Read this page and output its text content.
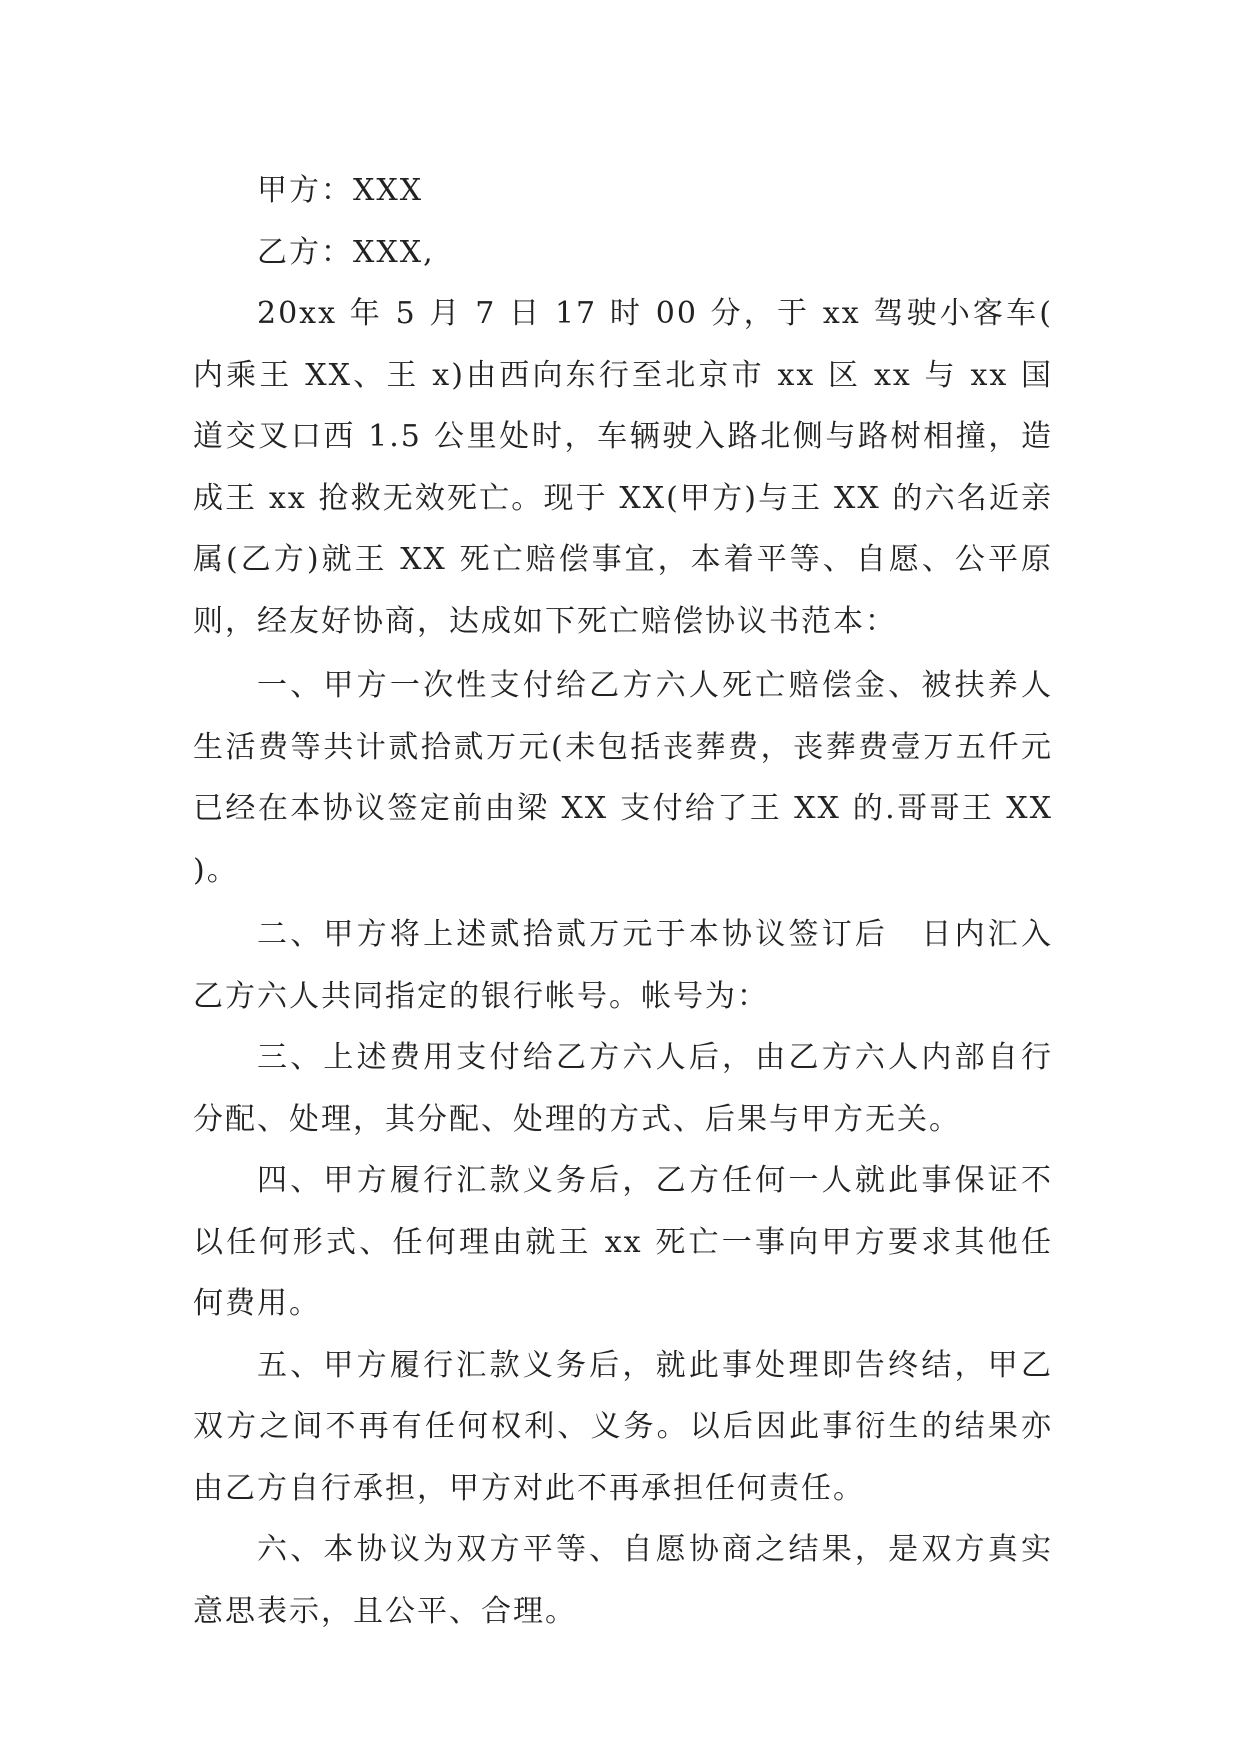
甲方：XXX

乙方：XXX,

20xx 年 5 月 7 日 17 时 00 分，于 xx 驾驶小客车(内乘王 XX、王 x)由西向东行至北京市 xx 区 xx 与 xx 国道交叉口西 1.5 公里处时，车辆驶入路北侧与路树相撞，造成王 xx 抢救无效死亡。现于 XX(甲方)与王 XX 的六名近亲属(乙方)就王 XX 死亡赔偿事宜，本着平等、自愿、公平原则，经友好协商，达成如下死亡赔偿协议书范本：

一、甲方一次性支付给乙方六人死亡赔偿金、被扶养人生活费等共计贰拾贰万元(未包括丧葬费，丧葬费壹万五仟元已经在本协议签定前由梁 XX 支付给了王 XX 的.哥哥王 XX)。

二、甲方将上述贰拾贰万元于本协议签订后　日内汇入乙方六人共同指定的银行帐号。帐号为：

三、上述费用支付给乙方六人后，由乙方六人内部自行分配、处理，其分配、处理的方式、后果与甲方无关。

四、甲方履行汇款义务后，乙方任何一人就此事保证不以任何形式、任何理由就王 xx 死亡一事向甲方要求其他任何费用。

五、甲方履行汇款义务后，就此事处理即告终结，甲乙双方之间不再有任何权利、义务。以后因此事衍生的结果亦由乙方自行承担，甲方对此不再承担任何责任。

六、本协议为双方平等、自愿协商之结果，是双方真实意思表示，且公平、合理。
